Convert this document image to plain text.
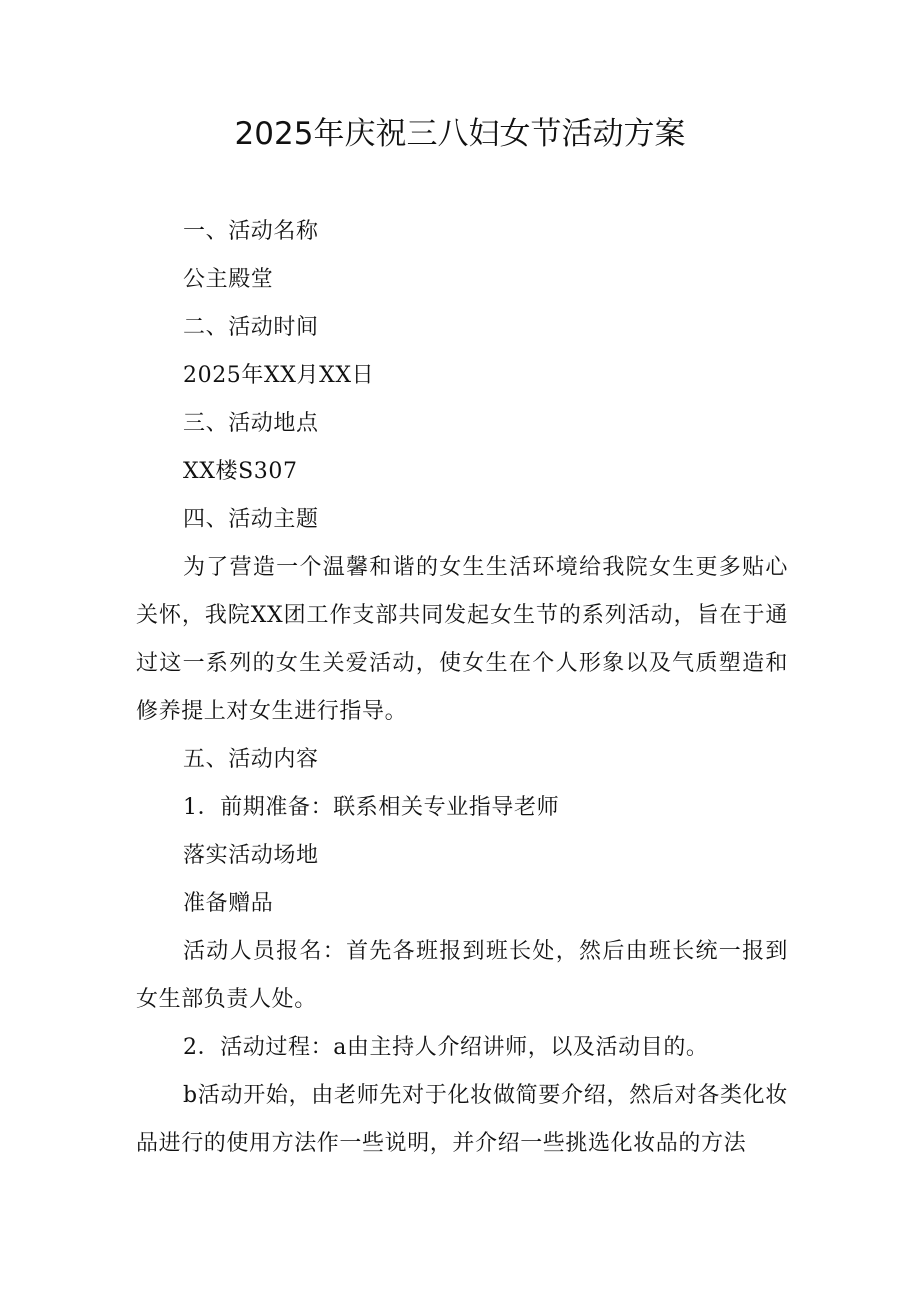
2025年庆祝三八妇女节活动方案

一、活动名称

公主殿堂

二、活动时间

2025年XX月XX日

三、活动地点

XX楼S307

四、活动主题

为了营造一个温馨和谐的女生生活环境给我院女生更多贴心关怀，我院XX团工作支部共同发起女生节的系列活动，旨在于通过这一系列的女生关爱活动，使女生在个人形象以及气质塑造和修养提上对女生进行指导。

五、活动内容

1．前期准备：联系相关专业指导老师

落实活动场地

准备赠品

活动人员报名：首先各班报到班长处，然后由班长统一报到女生部负责人处。

2．活动过程：a由主持人介绍讲师，以及活动目的。

b活动开始，由老师先对于化妆做简要介绍，然后对各类化妆品进行的使用方法作一些说明，并介绍一些挑选化妆品的方法
